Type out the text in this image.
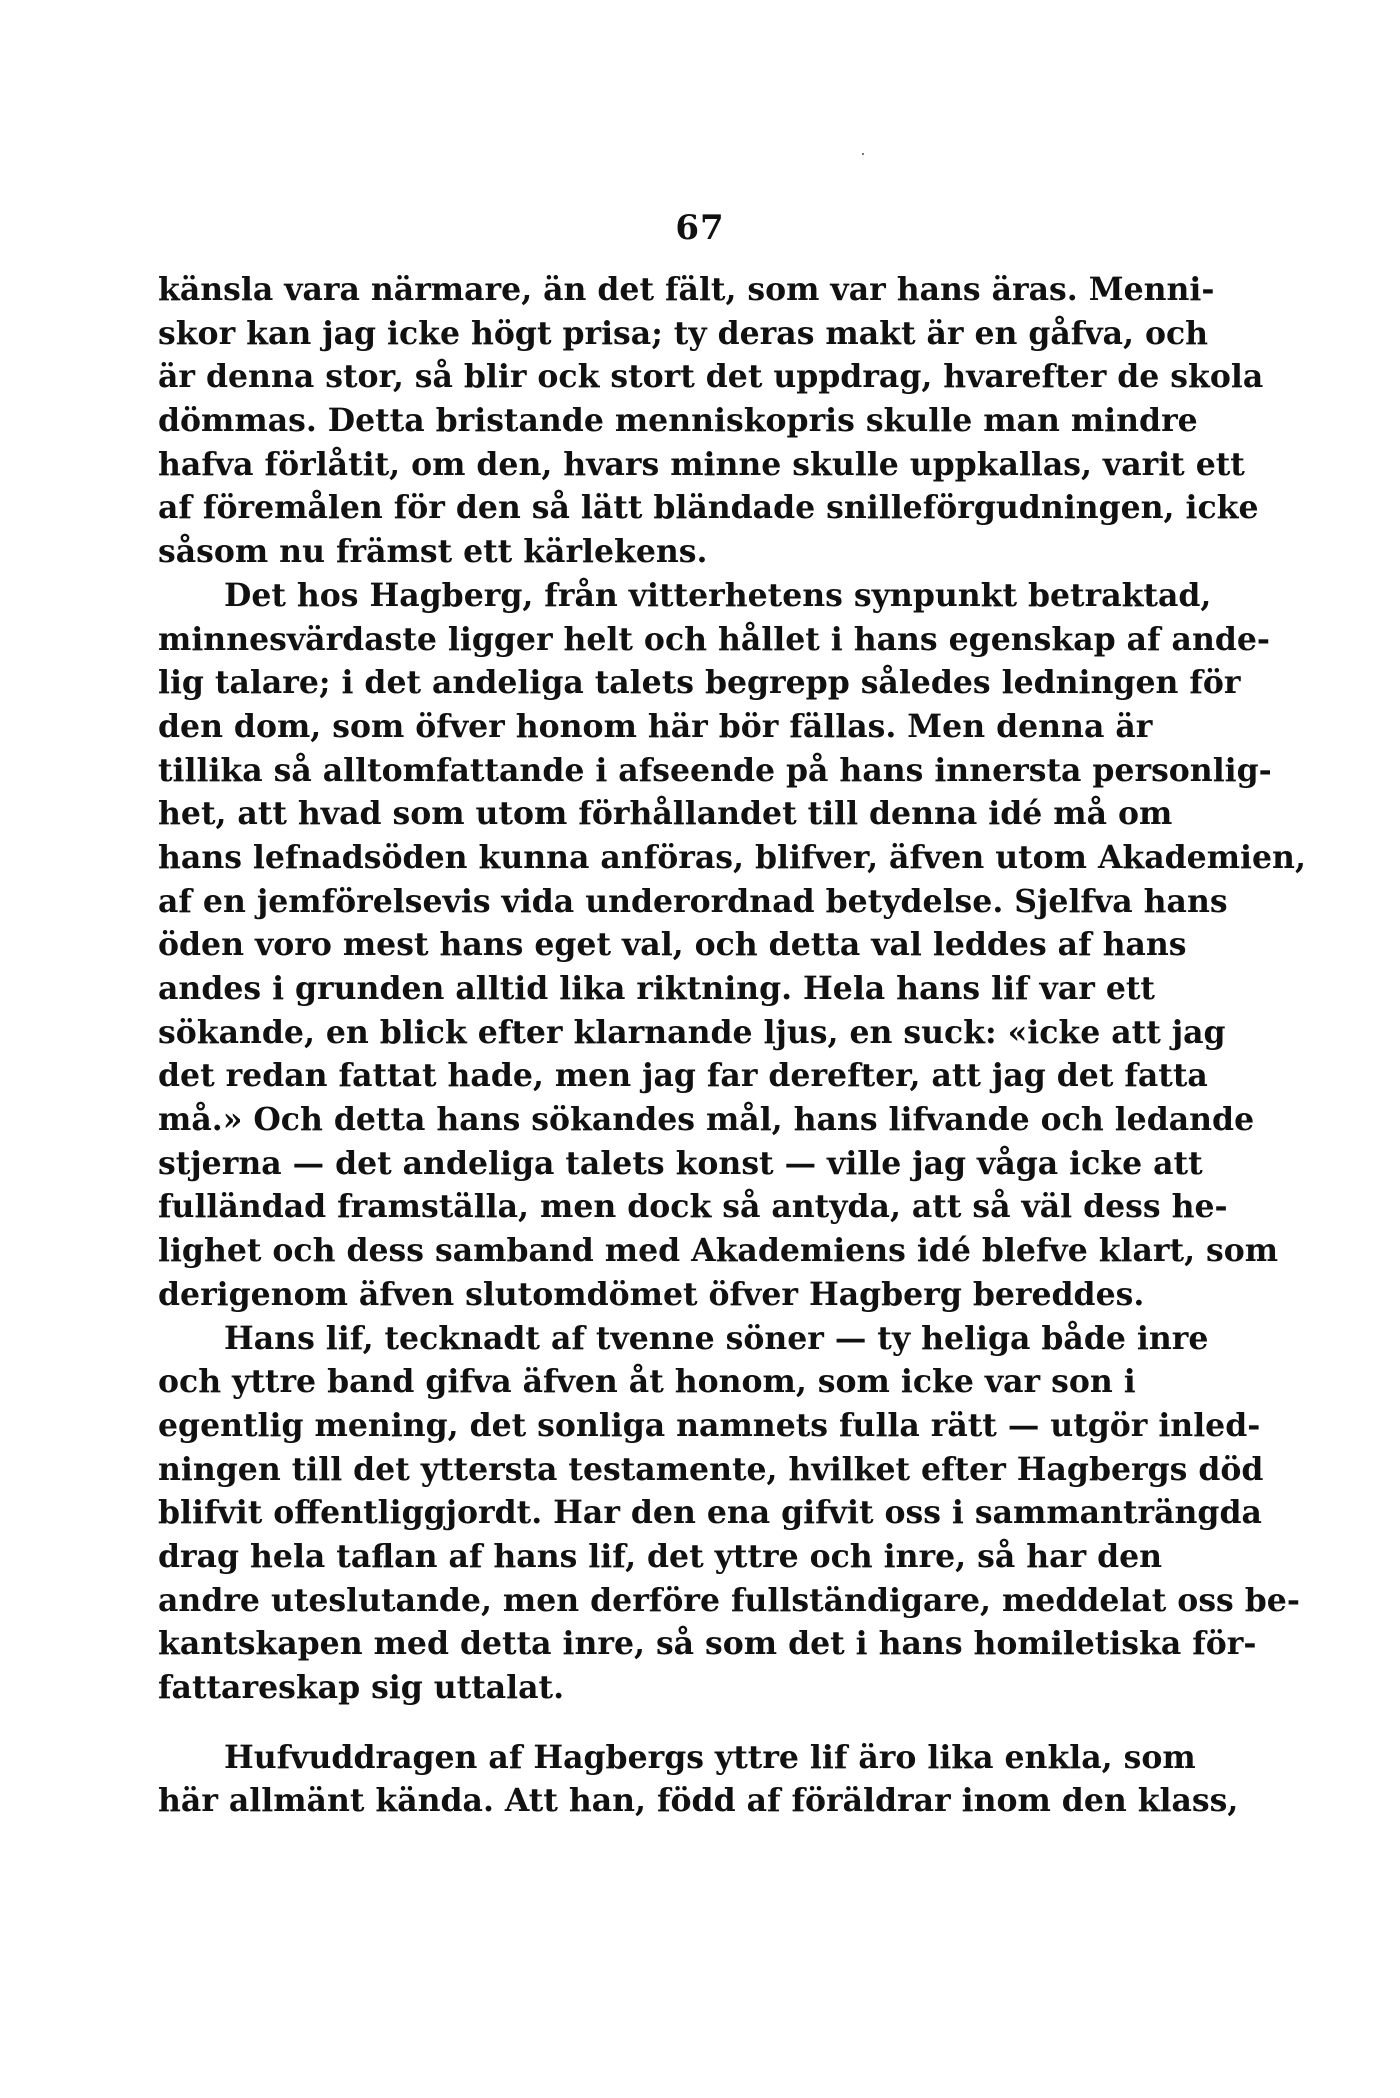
67
känsla vara närmare, än det fält, som var hans äras. Menni-
skor kan jag icke högt prisa; ty deras makt är en gåfva, och
är denna stor, så blir ock stort det uppdrag, hvarefter de skola
dömmas. Detta bristande menniskopris skulle man mindre
hafva förlåtit, om den, hvars minne skulle uppkallas, varit ett
af föremålen för den så lätt bländade snilleförgudningen, icke
såsom nu främst ett kärlekens.
Det hos Hagberg, från vitterhetens synpunkt betraktad,
minnesvärdaste ligger helt och hållet i hans egenskap af ande-
lig talare; i det andeliga talets begrepp således ledningen för
den dom, som öfver honom här bör fällas. Men denna är
tillika så alltomfattande i afseende på hans innersta personlig-
het, att hvad som utom förhållandet till denna idé må om
hans lefnadsöden kunna anföras, blifver, äfven utom Akademien,
af en jemförelsevis vida underordnad betydelse. Sjelfva hans
öden voro mest hans eget val, och detta val leddes af hans
andes i grunden alltid lika riktning. Hela hans lif var ett
sökande, en blick efter klarnande ljus, en suck: «icke att jag
det redan fattat hade, men jag far derefter, att jag det fatta
må.» Och detta hans sökandes mål, hans lifvande och ledande
stjerna — det andeliga talets konst — ville jag våga icke att
fulländad framställa, men dock så antyda, att så väl dess he-
lighet och dess samband med Akademiens idé blefve klart, som
derigenom äfven slutomdömet öfver Hagberg bereddes.
Hans lif, tecknadt af tvenne söner — ty heliga både inre
och yttre band gifva äfven åt honom, som icke var son i
egentlig mening, det sonliga namnets fulla rätt — utgör inled-
ningen till det yttersta testamente, hvilket efter Hagbergs död
blifvit offentliggjordt. Har den ena gifvit oss i sammanträngda
drag hela taflan af hans lif, det yttre och inre, så har den
andre uteslutande, men derföre fullständigare, meddelat oss be-
kantskapen med detta inre, så som det i hans homiletiska för-
fattareskap sig uttalat.
Hufvuddragen af Hagbergs yttre lif äro lika enkla, som
här allmänt kända. Att han, född af föräldrar inom den klass,
